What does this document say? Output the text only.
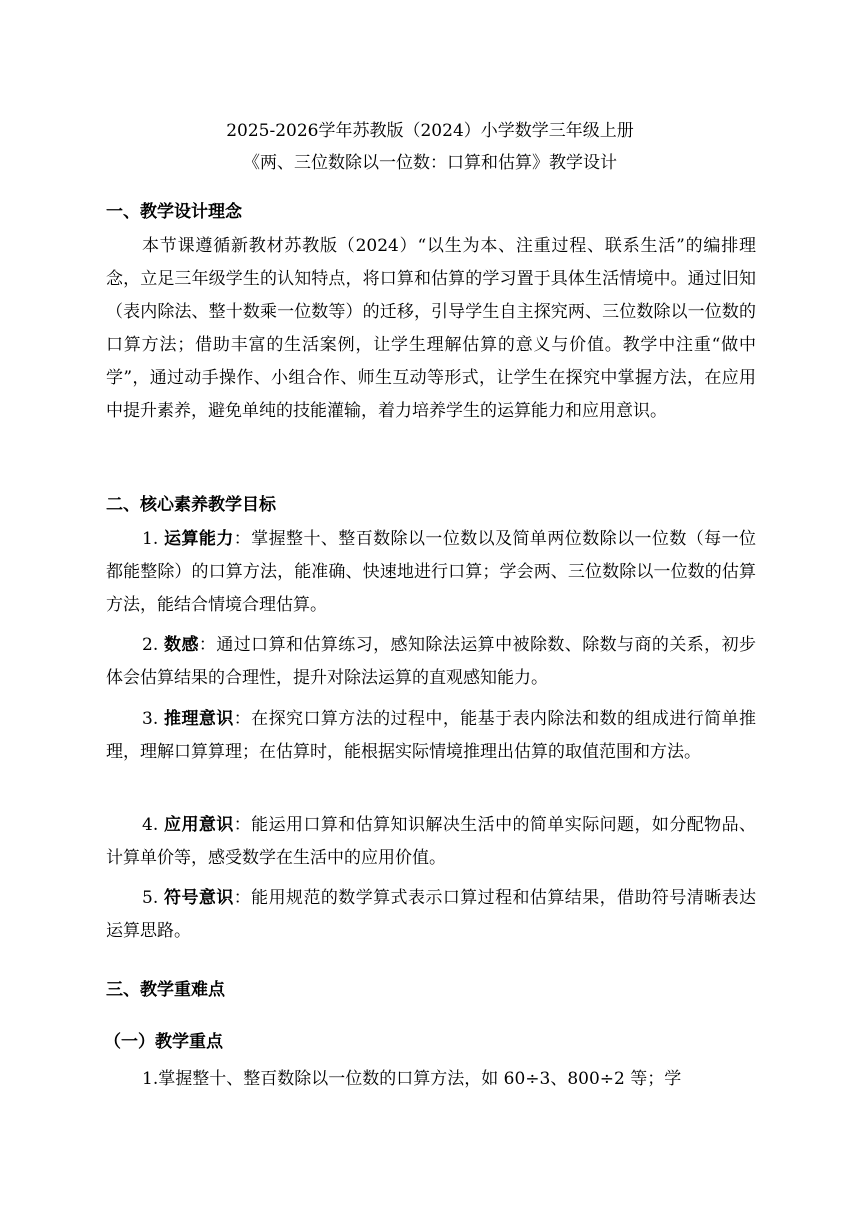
2025-2026学年苏教版（2024）小学数学三年级上册
《两、三位数除以一位数：口算和估算》教学设计
一、教学设计理念
本节课遵循新教材苏教版（2024）“以生为本、注重过程、联系生活”的编排理念，立足三年级学生的认知特点，将口算和估算的学习置于具体生活情境中。通过旧知（表内除法、整十数乘一位数等）的迁移，引导学生自主探究两、三位数除以一位数的口算方法；借助丰富的生活案例，让学生理解估算的意义与价值。教学中注重“做中学”，通过动手操作、小组合作、师生互动等形式，让学生在探究中掌握方法，在应用中提升素养，避免单纯的技能灌输，着力培养学生的运算能力和应用意识。
二、核心素养教学目标
1. 运算能力：掌握整十、整百数除以一位数以及简单两位数除以一位数（每一位都能整除）的口算方法，能准确、快速地进行口算；学会两、三位数除以一位数的估算方法，能结合情境合理估算。
2. 数感：通过口算和估算练习，感知除法运算中被除数、除数与商的关系，初步体会估算结果的合理性，提升对除法运算的直观感知能力。
3. 推理意识：在探究口算方法的过程中，能基于表内除法和数的组成进行简单推理，理解口算算理；在估算时，能根据实际情境推理出估算的取值范围和方法。
4. 应用意识：能运用口算和估算知识解决生活中的简单实际问题，如分配物品、计算单价等，感受数学在生活中的应用价值。
5. 符号意识：能用规范的数学算式表示口算过程和估算结果，借助符号清晰表达运算思路。
三、教学重难点
（一）教学重点
1.掌握整十、整百数除以一位数的口算方法，如 60÷3、800÷2 等；学
